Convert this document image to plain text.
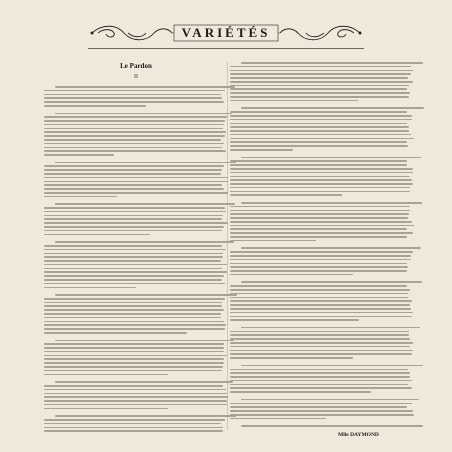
VARIÉTÉS
Le Pardon
II
Mlle DAYMOND
